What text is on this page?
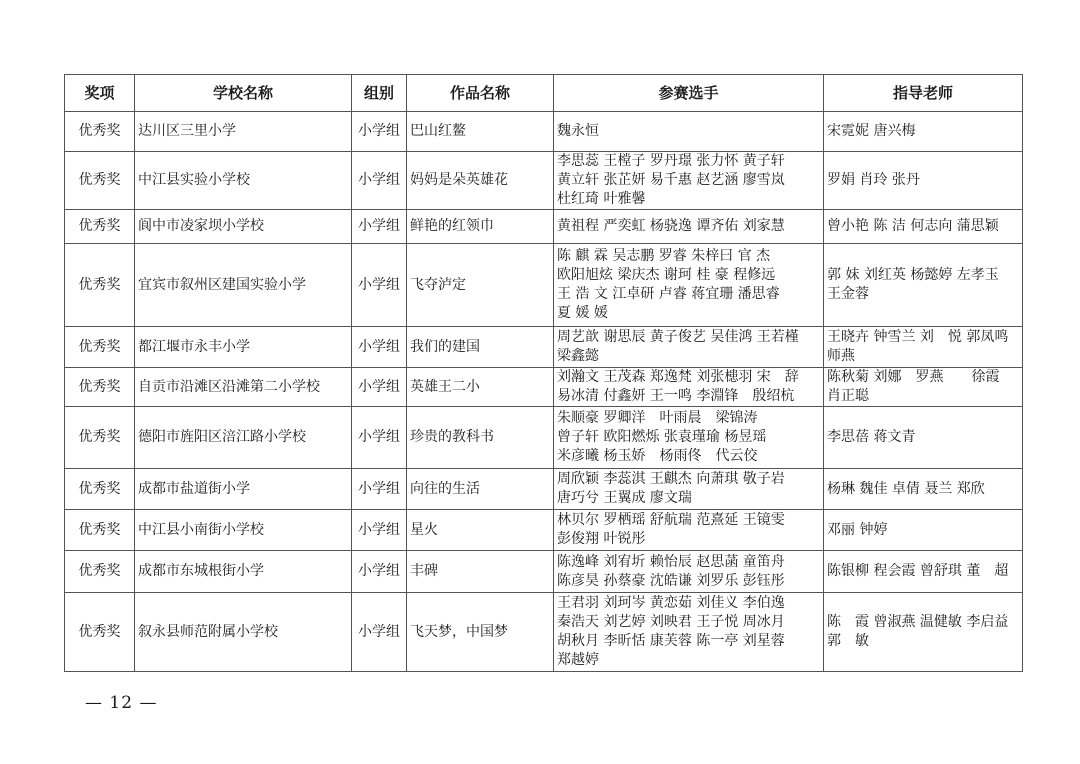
奖项	学校名称	组别	作品名称	参赛选手	指导老师
优秀奖	达川区三里小学	小学组	巴山红鳌	魏永恒	宋霓妮 唐兴梅

优秀奖	中江县实验小学校	小学组	妈妈是朵英雄花	李思蕊 王樘子 罗丹璟 张力怀 黄子轩
黄立轩 张芷妍 易千惠 赵艺涵 廖雪岚
杜红琦 叶雅馨	罗娟 肖玲 张丹

优秀奖	阆中市凌家坝小学校	小学组	鲜艳的红领巾	黄祖程 严奕虹 杨骁逸 谭齐佑 刘家慧	曾小艳 陈 洁 何志向 蒲思颖

优秀奖	宜宾市叙州区建国实验小学	小学组	飞夺泸定	陈 麒 霖 吴志鹏 罗睿 朱梓曰 官 杰
欧阳旭炫 梁庆杰 谢珂 桂 豪 程修远
王 浩 文 江卓研 卢睿 蒋宜珊 潘思睿
夏 媛 媛	郭 妹 刘红英 杨懿婷 左孝玉
王金蓉

优秀奖	都江堰市永丰小学	小学组	我们的建国	周艺歆 谢思辰 黄子俊艺 吴佳鸿 王若槿
梁鑫懿	王晓卉 钟雪兰 刘　悦 郭凤鸣
师燕

优秀奖	自贡市沿滩区沿滩第二小学校	小学组	英雄王二小	刘瀚文 王茂森 郑逸梵 刘张槵羽 宋　辞
易冰清 付鑫妍 王一鸣 李淵锋　殷绍杭	陈秋菊 刘娜　罗燕　　徐霞
肖正聪

优秀奖	德阳市旌阳区涪江路小学校	小学组	珍贵的教科书	朱顺豪 罗卿洋　叶雨晨　梁锦涛
曾子轩 欧阳燃烁 张袁瑾瑜 杨昱瑶
米彦曦 杨玉娇　杨雨佟　代云佼	李思蓓 蒋文青

优秀奖	成都市盐道街小学	小学组	向往的生活	周欣颖 李蕊淇 王麒杰 向萧琪 敬子岩
唐巧兮 王翼成 廖文瑞	杨琳 魏佳 卓倩 聂兰 郑欣

优秀奖	中江县小南街小学校	小学组	星火	林贝尔 罗栖瑶 舒航瑞 范熹延 王镜雯
彭俊翔 叶锐彤	邓丽 钟婷

优秀奖	成都市东城根街小学	小学组	丰碑	陈逸峰 刘宥圻 赖怡辰 赵思菡 童笛舟
陈彦昊 孙蔡豪 沈皓谦 刘罗乐 彭钰彤	陈银柳 程会霞 曾舒琪 董　超

优秀奖	叙永县师范附属小学校	小学组	飞天梦，中国梦	王君羽 刘珂岑 黄恋茹 刘佳义 李伯逸
秦浩天 刘艺婷 刘映君 王子悦 周冰月
胡秋月 李昕恬 康芙蓉 陈一亭 刘星蓉
郑越婷	陈　霞 曾淑燕 温健敏 李启益
郭　敏
— 12 —
